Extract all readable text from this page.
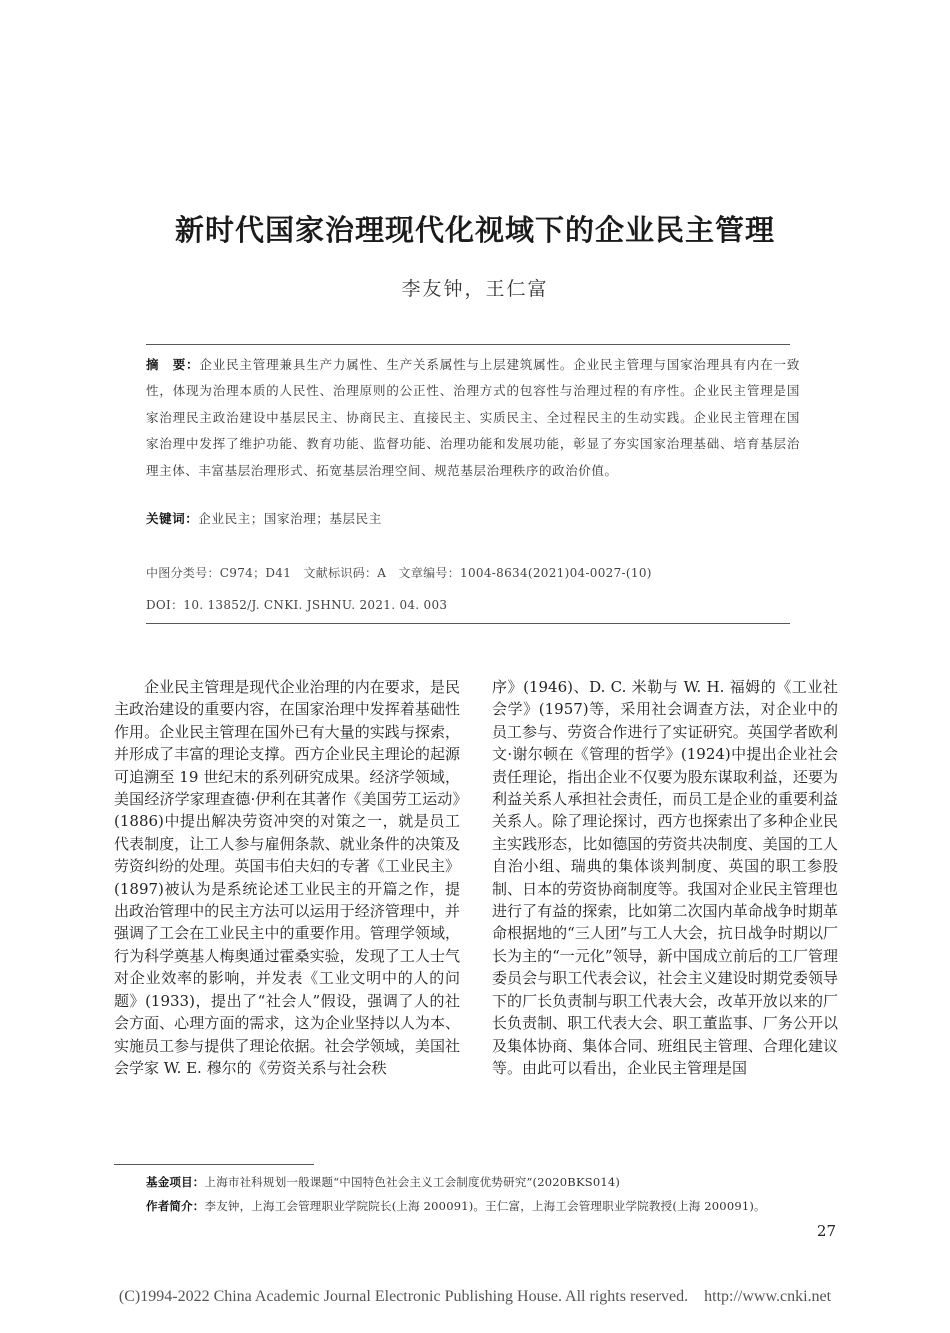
新时代国家治理现代化视域下的企业民主管理
李友钟，王仁富
摘　要：企业民主管理兼具生产力属性、生产关系属性与上层建筑属性。企业民主管理与国家治理具有内在一致性，体现为治理本质的人民性、治理原则的公正性、治理方式的包容性与治理过程的有序性。企业民主管理是国家治理民主政治建设中基层民主、协商民主、直接民主、实质民主、全过程民主的生动实践。企业民主管理在国家治理中发挥了维护功能、教育功能、监督功能、治理功能和发展功能，彰显了夯实国家治理基础、培育基层治理主体、丰富基层治理形式、拓宽基层治理空间、规范基层治理秩序的政治价值。
关键词：企业民主；国家治理；基层民主
中图分类号：C974；D41　文献标识码：A　文章编号：1004-8634(2021)04-0027-(10)
DOI：10. 13852/J. CNKI. JSHNU. 2021. 04. 003

企业民主管理是现代企业治理的内在要求，是民主政治建设的重要内容，在国家治理中发挥着基础性作用。企业民主管理在国外已有大量的实践与探索，并形成了丰富的理论支撑。西方企业民主理论的起源可追溯至 19 世纪末的系列研究成果。经济学领域，美国经济学家理查德·伊利在其著作《美国劳工运动》(1886)中提出解决劳资冲突的对策之一，就是员工代表制度，让工人参与雇佣条款、就业条件的决策及劳资纠纷的处理。英国韦伯夫妇的专著《工业民主》(1897)被认为是系统论述工业民主的开篇之作，提出政治管理中的民主方法可以运用于经济管理中，并强调了工会在工业民主中的重要作用。管理学领域，行为科学奠基人梅奥通过霍桑实验，发现了工人士气对企业效率的影响，并发表《工业文明中的人的问题》(1933)，提出了“社会人”假设，强调了人的社会方面、心理方面的需求，这为企业坚持以人为本、实施员工参与提供了理论依据。社会学领域，美国社会学家 W. E. 穆尔的《劳资关系与社会秩

序》(1946)、D. C. 米勒与 W. H. 福姆的《工业社会学》(1957)等，采用社会调查方法，对企业中的员工参与、劳资合作进行了实证研究。英国学者欧利文·谢尔顿在《管理的哲学》(1924)中提出企业社会责任理论，指出企业不仅要为股东谋取利益，还要为利益关系人承担社会责任，而员工是企业的重要利益关系人。除了理论探讨，西方也探索出了多种企业民主实践形态，比如德国的劳资共决制度、美国的工人自治小组、瑞典的集体谈判制度、英国的职工参股制、日本的劳资协商制度等。我国对企业民主管理也进行了有益的探索，比如第二次国内革命战争时期革命根据地的“三人团”与工人大会，抗日战争时期以厂长为主的“一元化”领导，新中国成立前后的工厂管理委员会与职工代表会议，社会主义建设时期党委领导下的厂长负责制与职工代表大会，改革开放以来的厂长负责制、职工代表大会、职工董监事、厂务公开以及集体协商、集体合同、班组民主管理、合理化建议等。由此可以看出，企业民主管理是国

基金项目：上海市社科规划一般课题“中国特色社会主义工会制度优势研究”(2020BKS014)
作者简介：李友钟，上海工会管理职业学院院长(上海 200091)。王仁富，上海工会管理职业学院教授(上海 200091)。
27
(C)1994-2022 China Academic Journal Electronic Publishing House. All rights reserved.    http://www.cnki.net
